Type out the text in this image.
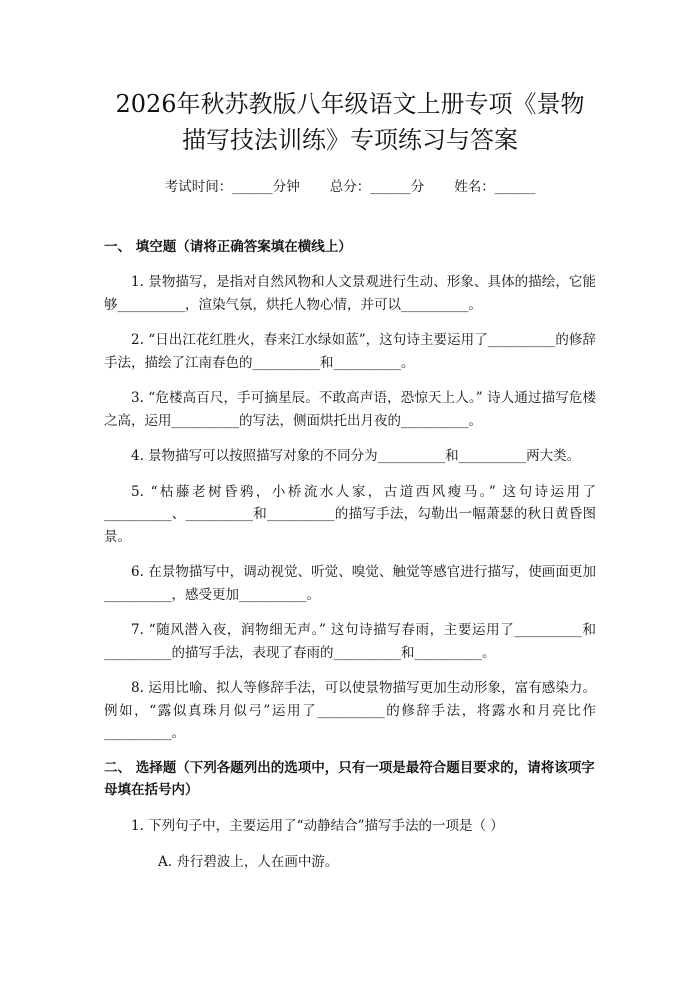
2026年秋苏教版八年级语文上册专项《景物
描写技法训练》专项练习与答案
考试时间：______分钟 总分：______分 姓名：______
一、 填空题（请将正确答案填在横线上）
1. 景物描写，是指对自然风物和人文景观进行生动、形象、具体的描绘，它能够__________，渲染气氛，烘托人物心情，并可以__________。
2. “日出江花红胜火，春来江水绿如蓝”，这句诗主要运用了__________的修辞手法，描绘了江南春色的__________和__________。
3. “危楼高百尺，手可摘星辰。不敢高声语，恐惊天上人。” 诗人通过描写危楼之高，运用__________的写法，侧面烘托出月夜的__________。
4. 景物描写可以按照描写对象的不同分为__________和__________两大类。
5. “枯藤老树昏鸦，小桥流水人家，古道西风瘦马。” 这句诗运用了__________、__________和__________的描写手法，勾勒出一幅萧瑟的秋日黄昏图景。
6. 在景物描写中，调动视觉、听觉、嗅觉、触觉等感官进行描写，使画面更加__________，感受更加__________。
7. “随风潜入夜，润物细无声。” 这句诗描写春雨，主要运用了__________和__________的描写手法，表现了春雨的__________和__________。
8. 运用比喻、拟人等修辞手法，可以使景物描写更加生动形象，富有感染力。例如，“露似真珠月似弓”运用了__________的修辞手法，将露水和月亮比作__________。
二、 选择题（下列各题列出的选项中，只有一项是最符合题目要求的，请将该项字母填在括号内）
1. 下列句子中，主要运用了“动静结合”描写手法的一项是（ ）
A. 舟行碧波上，人在画中游。
